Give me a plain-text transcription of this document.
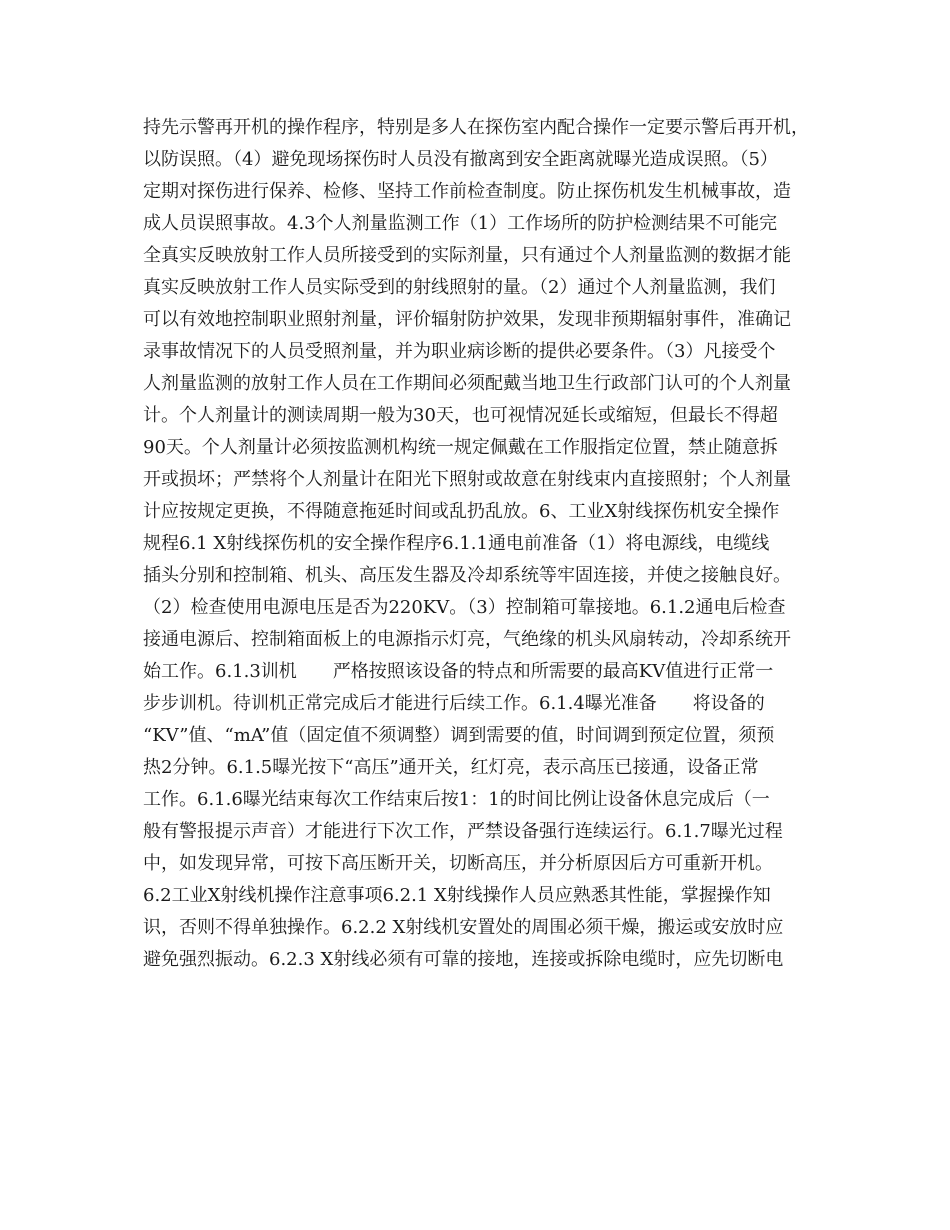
持先示警再开机的操作程序，特别是多人在探伤室内配合操作一定要示警后再开机，
以防误照。（4）避免现场探伤时人员没有撤离到安全距离就曝光造成误照。（5）
定期对探伤进行保养、检修、坚持工作前检查制度。防止探伤机发生机械事故，造
成人员误照事故。4.3个人剂量监测工作（1）工作场所的防护检测结果不可能完
全真实反映放射工作人员所接受到的实际剂量，只有通过个人剂量监测的数据才能
真实反映放射工作人员实际受到的射线照射的量。（2）通过个人剂量监测，我们
可以有效地控制职业照射剂量，评价辐射防护效果，发现非预期辐射事件，准确记
录事故情况下的人员受照剂量，并为职业病诊断的提供必要条件。（3）凡接受个
人剂量监测的放射工作人员在工作期间必须配戴当地卫生行政部门认可的个人剂量
计。个人剂量计的测读周期一般为30天，也可视情况延长或缩短，但最长不得超
90天。个人剂量计必须按监测机构统一规定佩戴在工作服指定位置，禁止随意拆
开或损坏；严禁将个人剂量计在阳光下照射或故意在射线束内直接照射；个人剂量
计应按规定更换，不得随意拖延时间或乱扔乱放。6、工业X射线探伤机安全操作
规程6.1 X射线探伤机的安全操作程序6.1.1通电前准备（1）将电源线，电缆线
插头分别和控制箱、机头、高压发生器及冷却系统等牢固连接，并使之接触良好。
（2）检查使用电源电压是否为220KV。（3）控制箱可靠接地。6.1.2通电后检查
接通电源后、控制箱面板上的电源指示灯亮，气绝缘的机头风扇转动，冷却系统开
始工作。6.1.3训机　　严格按照该设备的特点和所需要的最高KV值进行正常一
步步训机。待训机正常完成后才能进行后续工作。6.1.4曝光准备　　将设备的
“KV”值、“mA”值（固定值不须调整）调到需要的值，时间调到预定位置，须预
热2分钟。6.1.5曝光按下“高压”通开关，红灯亮，表示高压已接通，设备正常
工作。6.1.6曝光结束每次工作结束后按1：1的时间比例让设备休息完成后（一
般有警报提示声音）才能进行下次工作，严禁设备强行连续运行。6.1.7曝光过程
中，如发现异常，可按下高压断开关，切断高压，并分析原因后方可重新开机。
6.2工业X射线机操作注意事项6.2.1 X射线操作人员应熟悉其性能，掌握操作知
识，否则不得单独操作。6.2.2 X射线机安置处的周围必须干燥，搬运或安放时应
避免强烈振动。6.2.3 X射线必须有可靠的接地，连接或拆除电缆时，应先切断电
